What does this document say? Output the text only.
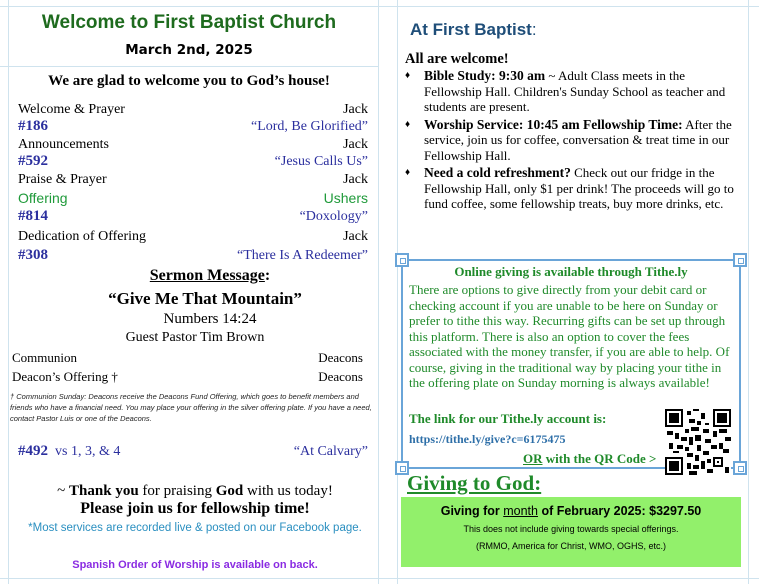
Welcome to First Baptist Church
March 2nd, 2025
We are glad to welcome you to God’s house!
Welcome & Prayer	Jack
#186	“Lord, Be Glorified”
Announcements	Jack
#592	“Jesus Calls Us”
Praise & Prayer	Jack
Offering	Ushers
#814	“Doxology”
Dedication of Offering	Jack
#308	“There Is A Redeemer”
Sermon Message:
“Give Me That Mountain”
Numbers 14:24
Guest Pastor Tim Brown
Communion	Deacons
Deacon’s Offering †	Deacons
† Communion Sunday: Deacons receive the Deacons Fund Offering, which goes to benefit members and friends who have a financial need. You may place your offering in the silver offering plate. If you have a need, contact Pastor Luis or one of the Deacons.
#492 vs 1, 3, & 4	“At Calvary”
~ Thank you for praising God with us today!
Please join us for fellowship time!
*Most services are recorded live & posted on our Facebook page.
Spanish Order of Worship is available on back.
At First Baptist:
All are welcome!
♦ Bible Study: 9:30 am ~ Adult Class meets in the Fellowship Hall. Children's Sunday School as teacher and students are present.
♦ Worship Service: 10:45 am Fellowship Time: After the service, join us for coffee, conversation & treat time in our Fellowship Hall.
♦ Need a cold refreshment? Check out our fridge in the Fellowship Hall, only $1 per drink! The proceeds will go to fund coffee, some fellowship treats, buy more drinks, etc.
Online giving is available through Tithe.ly
There are options to give directly from your debit card or checking account if you are unable to be here on Sunday or prefer to tithe this way. Recurring gifts can be set up through this platform. There is also an option to cover the fees associated with the money transfer, if you are able to help. Of course, giving in the traditional way by placing your tithe in the offering plate on Sunday morning is always available!
The link for our Tithe.ly account is:
https://tithe.ly/give?c=6175475
OR with the QR Code >
Giving to God:
Giving for month of February 2025: $3297.50
This does not include giving towards special offerings.
(RMMO, America for Christ, WMO, OGHS, etc.)
